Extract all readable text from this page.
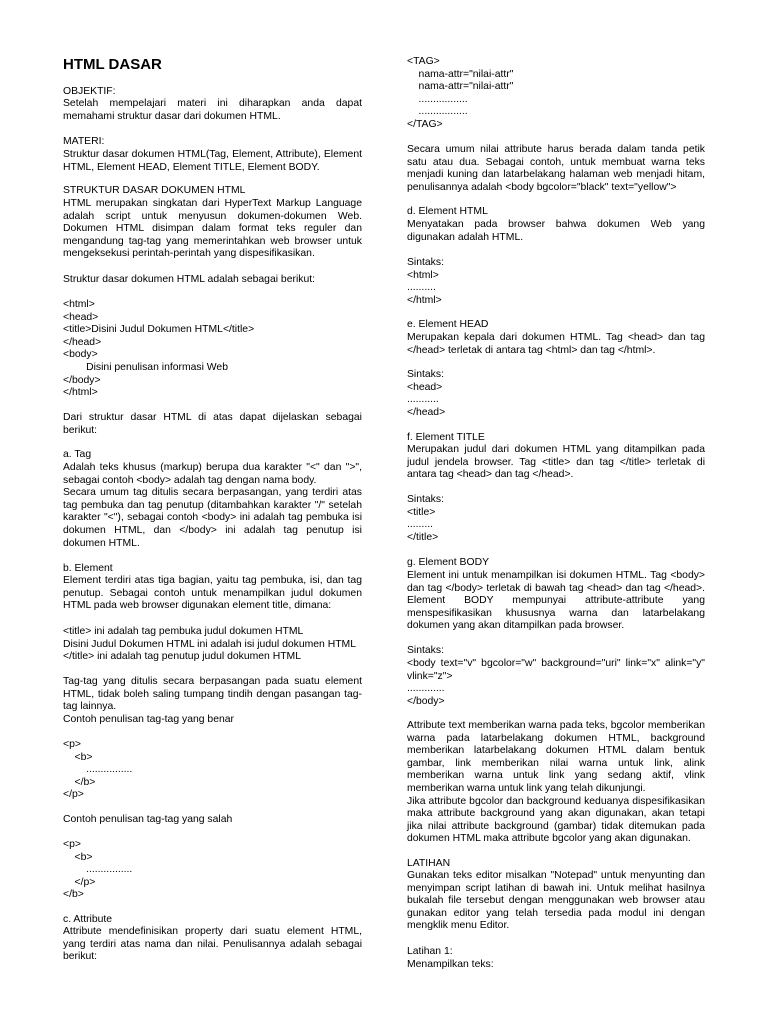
HTML DASAR
OBJEKTIF:
Setelah mempelajari materi ini diharapkan anda dapat memahami struktur dasar dari dokumen HTML.
MATERI:
Struktur dasar dokumen HTML(Tag, Element, Attribute), Element HTML, Element HEAD, Element TITLE, Element BODY.
STRUKTUR DASAR DOKUMEN HTML
HTML merupakan singkatan dari HyperText Markup Language adalah script untuk menyusun dokumen-dokumen Web. Dokumen HTML disimpan dalam format teks reguler dan mengandung tag-tag yang memerintahkan web browser untuk mengeksekusi perintah-perintah yang dispesifikasikan.
Struktur dasar dokumen HTML adalah sebagai berikut:
<html>
<head>
<title>Disini Judul Dokumen HTML</title>
</head>
<body>
Disini penulisan informasi Web
</body>
</html>
Dari struktur dasar HTML di atas dapat dijelaskan sebagai berikut:
a. Tag
Adalah teks khusus (markup) berupa dua karakter "<" dan ">", sebagai contoh <body> adalah tag dengan nama body.
Secara umum tag ditulis secara berpasangan, yang terdiri atas tag pembuka dan tag penutup (ditambahkan karakter "/" setelah karakter "<"), sebagai contoh <body> ini adalah tag pembuka isi dokumen HTML, dan </body> ini adalah tag penutup isi dokumen HTML.
b. Element
Element terdiri atas tiga bagian, yaitu tag pembuka, isi, dan tag penutup. Sebagai contoh untuk menampilkan judul dokumen HTML pada web browser digunakan element title, dimana:
<title> ini adalah tag pembuka judul dokumen HTML
Disini Judul Dokumen HTML ini adalah isi judul dokumen HTML
</title> ini adalah tag penutup judul dokumen HTML
Tag-tag yang ditulis secara berpasangan pada suatu element HTML, tidak boleh saling tumpang tindih dengan pasangan tag-tag lainnya.
Contoh penulisan tag-tag yang benar
<p>
<b>
................
</b>
</p>
Contoh penulisan tag-tag yang salah
<p>
<b>
................
</p>
</b>
c. Attribute
Attribute mendefinisikan property dari suatu element HTML, yang terdiri atas nama dan nilai. Penulisannya adalah sebagai berikut:
<TAG>
nama-attr="nilai-attr"
nama-attr="nilai-attr"
.................
.................
</TAG>
Secara umum nilai attribute harus berada dalam tanda petik satu atau dua. Sebagai contoh, untuk membuat warna teks menjadi kuning dan latarbelakang halaman web menjadi hitam, penulisannya adalah <body bgcolor="black" text="yellow">
d. Element HTML
Menyatakan pada browser bahwa dokumen Web yang digunakan adalah HTML.
Sintaks:
<html>
..........
</html>
e. Element HEAD
Merupakan kepala dari dokumen HTML. Tag <head> dan tag </head> terletak di antara tag <html> dan tag </html>.
Sintaks:
<head>
...........
</head>
f. Element TITLE
Merupakan judul dari dokumen HTML yang ditampilkan pada judul jendela browser. Tag <title> dan tag </title> terletak di antara tag <head> dan tag </head>.
Sintaks:
<title>
.........
</title>
g. Element BODY
Element ini untuk menampilkan isi dokumen HTML. Tag <body> dan tag </body> terletak di bawah tag <head> dan tag </head>. Element BODY mempunyai attribute-attribute yang menspesifikasikan khususnya warna dan latarbelakang dokumen yang akan ditampilkan pada browser.
Sintaks:
<body text="v" bgcolor="w" background="uri" link="x" alink="y" vlink="z">
.............
</body>
Attribute text memberikan warna pada teks, bgcolor memberikan warna pada latarbelakang dokumen HTML, background memberikan latarbelakang dokumen HTML dalam bentuk gambar, link memberikan nilai warna untuk link, alink memberikan warna untuk link yang sedang aktif, vlink memberikan warna untuk link yang telah dikunjungi.
Jika attribute bgcolor dan background keduanya dispesifikasikan maka attribute background yang akan digunakan, akan tetapi jika nilai attribute background (gambar) tidak ditemukan pada dokumen HTML maka attribute bgcolor yang akan digunakan.
LATIHAN
Gunakan teks editor misalkan "Notepad" untuk menyunting dan menyimpan script latihan di bawah ini. Untuk melihat hasilnya bukalah file tersebut dengan menggunakan web browser atau gunakan editor yang telah tersedia pada modul ini dengan mengklik menu Editor.
Latihan 1:
Menampilkan teks:
